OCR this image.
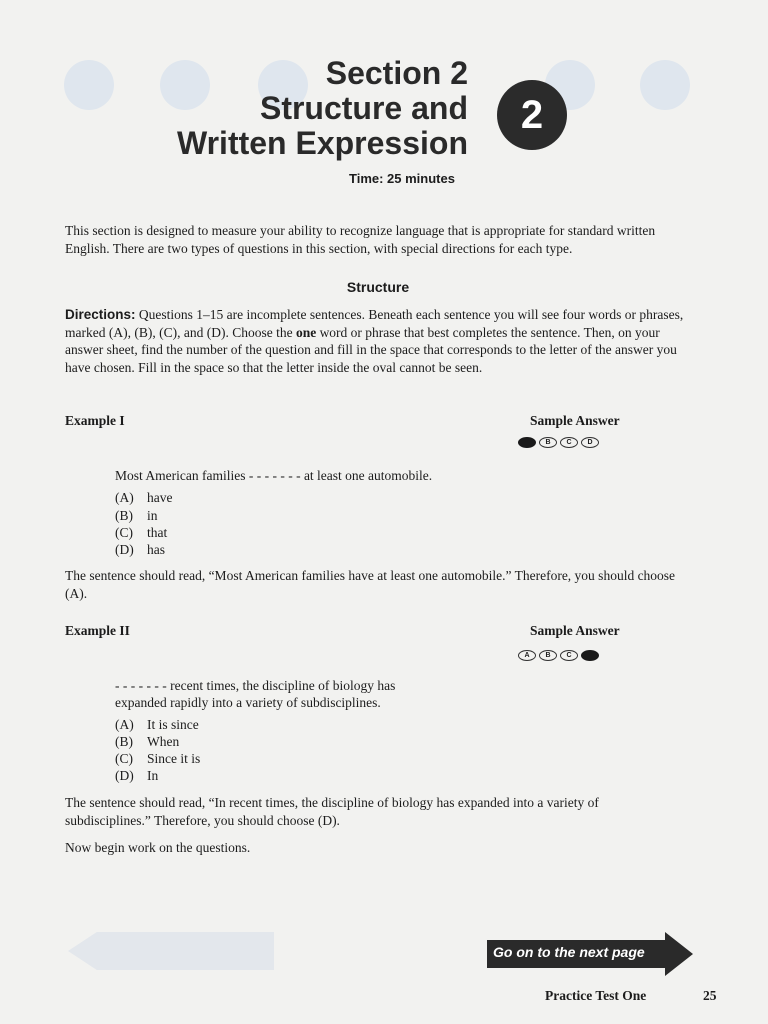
Section 2
Structure and
Written Expression
2
Time: 25 minutes
This section is designed to measure your ability to recognize language that is appropriate for standard written English. There are two types of questions in this section, with special directions for each type.
Structure
Directions: Questions 1–15 are incomplete sentences. Beneath each sentence you will see four words or phrases, marked (A), (B), (C), and (D). Choose the one word or phrase that best completes the sentence. Then, on your answer sheet, find the number of the question and fill in the space that corresponds to the letter of the answer you have chosen. Fill in the space so that the letter inside the oval cannot be seen.
Example I	Sample Answer
A	B	C	D
Most American families - - - - - - - at least one automobile.
(A) have
(B) in
(C) that
(D) has
The sentence should read, “Most American families have at least one automobile.” Therefore, you should choose (A).
Example II	Sample Answer
A	B	C	D
- - - - - - - recent times, the discipline of biology has
expanded rapidly into a variety of subdisciplines.
(A) It is since
(B) When
(C) Since it is
(D) In
The sentence should read, “In recent times, the discipline of biology has expanded into a variety of subdisciplines.” Therefore, you should choose (D).
Now begin work on the questions.
Go on to the next page
Practice Test One	25
